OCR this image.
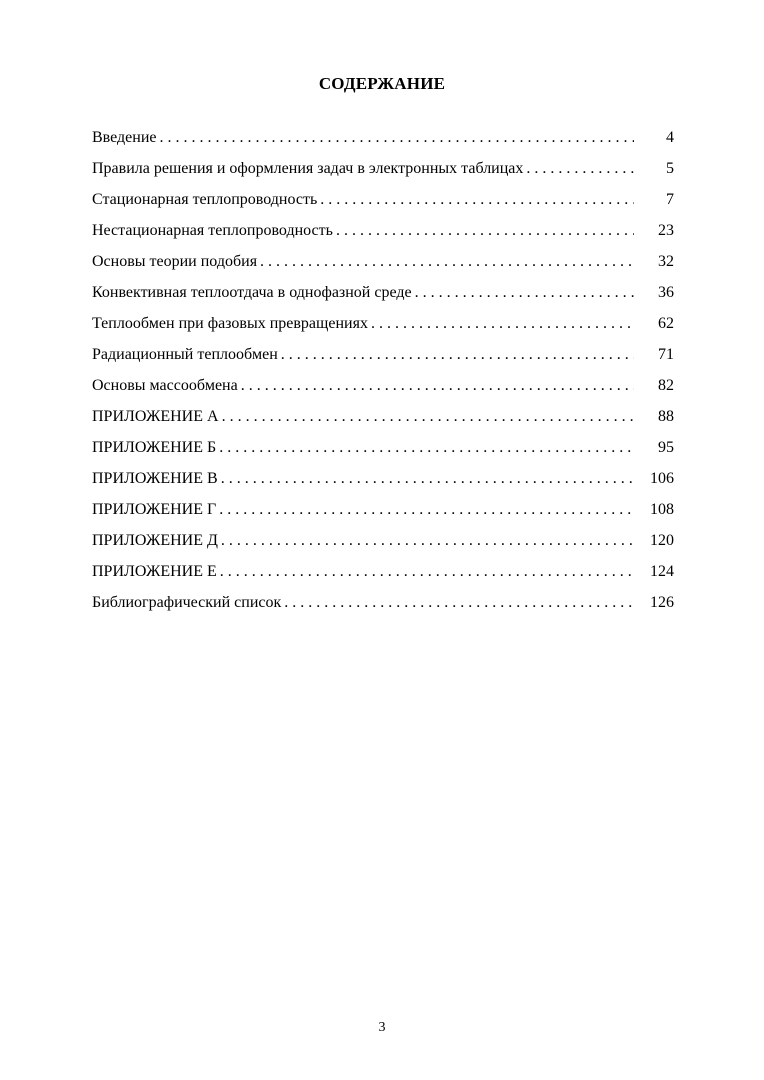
СОДЕРЖАНИЕ
Введение . . .	4
Правила решения и оформления задач в электронных таблицах . . .	5
Стационарная теплопроводность . . .	7
Нестационарная теплопроводность . . .	23
Основы теории подобия . . .	32
Конвективная теплоотдача в однофазной среде . . .	36
Теплообмен при фазовых превращениях . . .	62
Радиационный теплообмен . . .	71
Основы массообмена . . .	82
ПРИЛОЖЕНИЕ А . . .	88
ПРИЛОЖЕНИЕ Б . . .	95
ПРИЛОЖЕНИЕ В . . .	106
ПРИЛОЖЕНИЕ Г . . .	108
ПРИЛОЖЕНИЕ Д . . .	120
ПРИЛОЖЕНИЕ Е . . .	124
Библиографический список . . .	126
3
